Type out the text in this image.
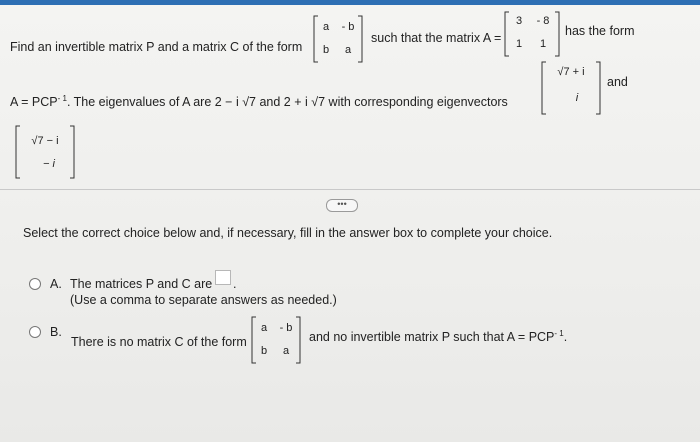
Find an invertible matrix P and a matrix C of the form
a	- b
b	a
such that the matrix A =
3	- 8
1	1
has the form
$A = PCP^{- 1}$. The eigenvalues of A are 2 − i √7 and 2 + i √7 with corresponding eigenvectors
√7 + i
i
and
√7 − i
− i
•••
Select the correct choice below and, if necessary, fill in the answer box to complete your choice.
A. The matrices P and C are .
(Use a comma to separate answers as needed.)
B.
There is no matrix C of the form
a	- b
b	a
and no invertible matrix P such that $A = PCP^{- 1}$.
